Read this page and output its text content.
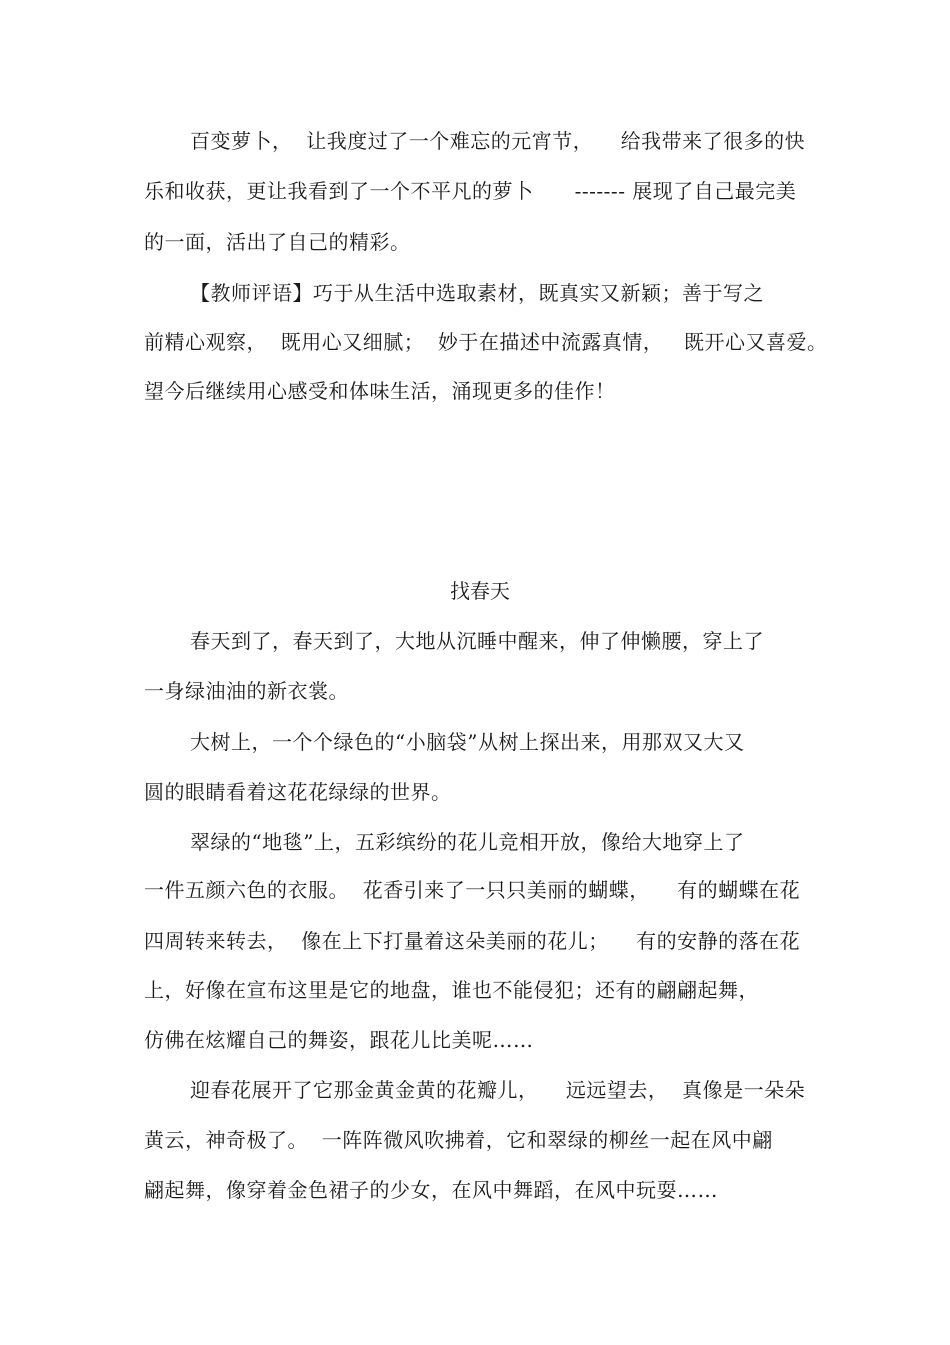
百变萝卜，  让我度过了一个难忘的元宵节，    给我带来了很多的快
乐和收获，更让我看到了一个不平凡的萝卜      ------- 展现了自己最完美
的一面，活出了自己的精彩。
【教师评语】巧于从生活中选取素材，既真实又新颖；善于写之
前精心观察，  既用心又细腻；  妙于在描述中流露真情，   既开心又喜爱。
望今后继续用心感受和体味生活，涌现更多的佳作！
找春天
春天到了，春天到了，大地从沉睡中醒来，伸了伸懒腰，穿上了
一身绿油油的新衣裳。
大树上，一个个绿色的“小脑袋”从树上探出来，用那双又大又
圆的眼睛看着这花花绿绿的世界。
翠绿的“地毯”上，五彩缤纷的花儿竞相开放，像给大地穿上了
一件五颜六色的衣服。  花香引来了一只只美丽的蝴蝶，    有的蝴蝶在花
四周转来转去，  像在上下打量着这朵美丽的花儿；    有的安静的落在花
上，好像在宣布这里是它的地盘，谁也不能侵犯；还有的翩翩起舞，
仿佛在炫耀自己的舞姿，跟花儿比美呢……
迎春花展开了它那金黄金黄的花瓣儿，    远远望去，  真像是一朵朵
黄云，神奇极了。  一阵阵微风吹拂着，它和翠绿的柳丝一起在风中翩
翩起舞，像穿着金色裙子的少女，在风中舞蹈，在风中玩耍……
